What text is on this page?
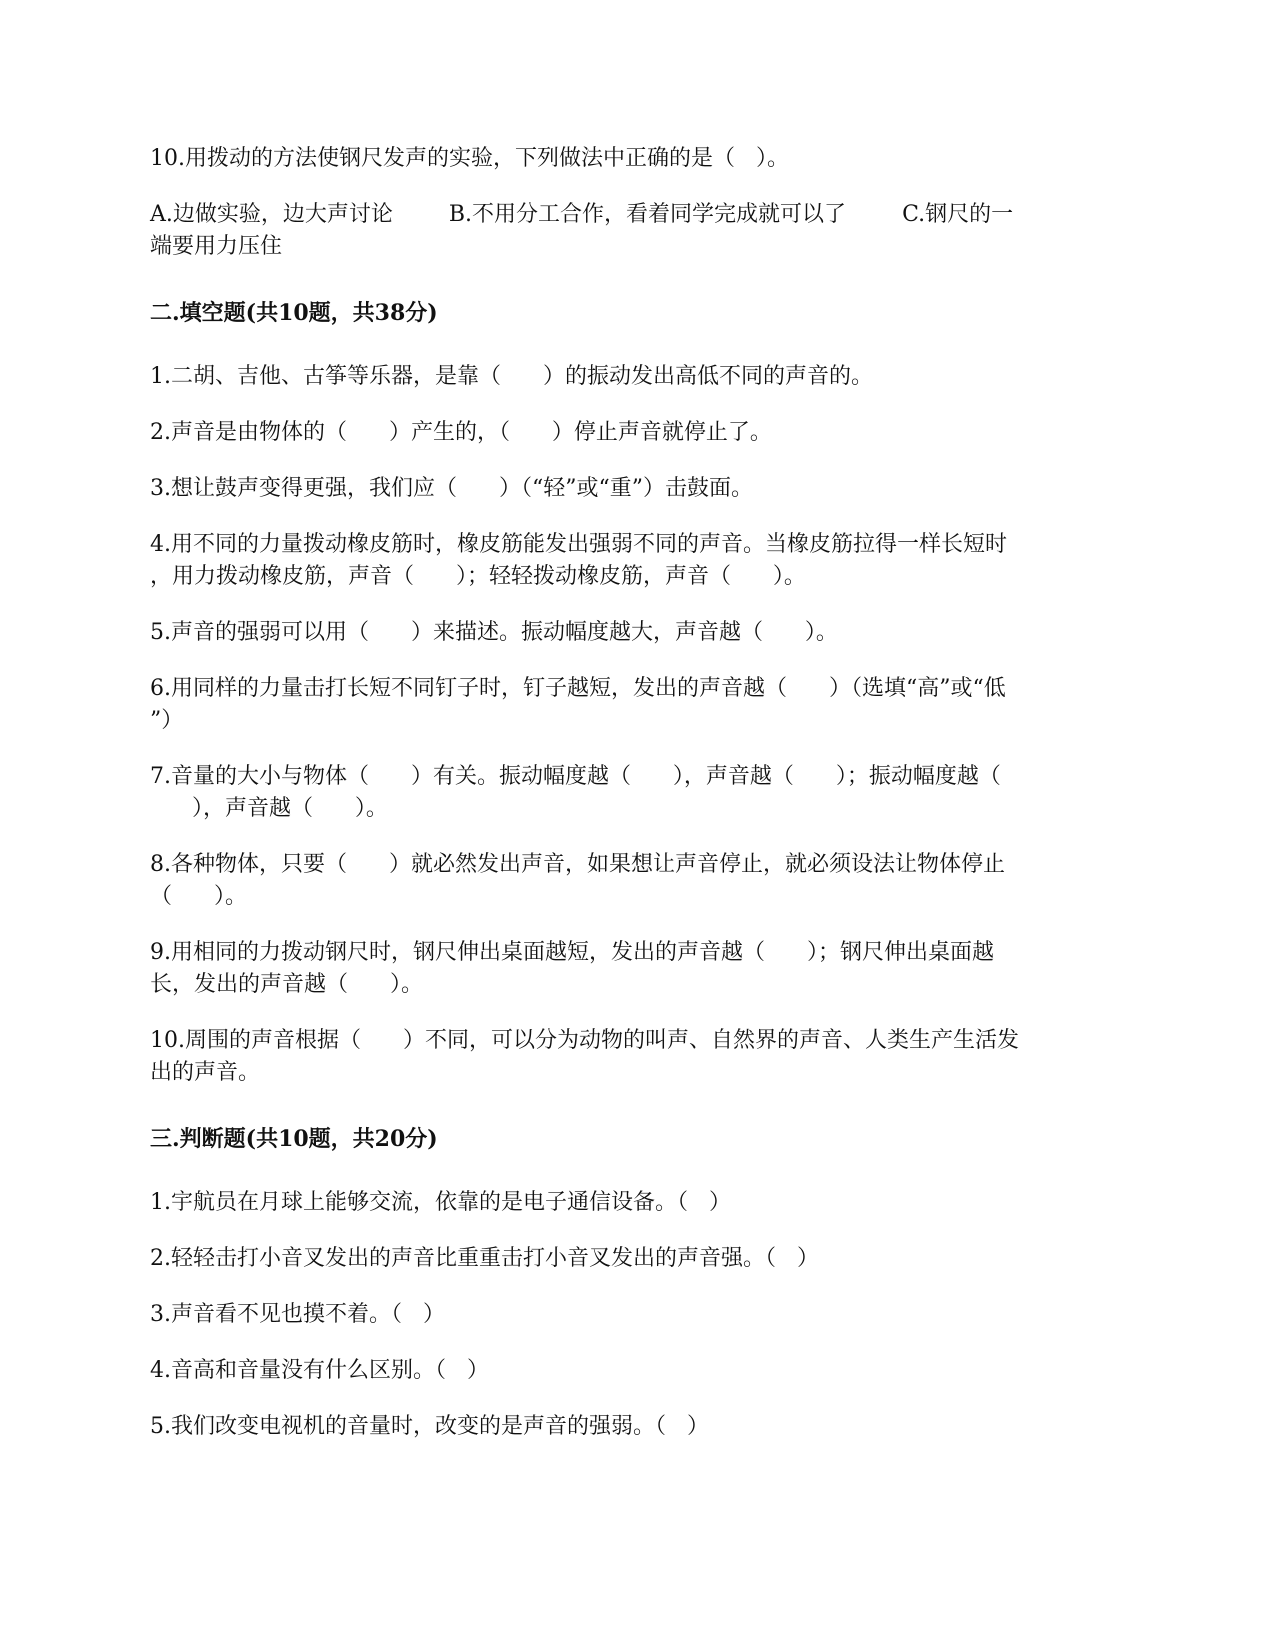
10.用拨动的方法使钢尺发声的实验，下列做法中正确的是（   ）。

A.边做实验，边大声讨论	B.不用分工合作，看着同学完成就可以了	C.钢尺的一

端要用力压住

二.填空题(共10题，共38分)

1.二胡、吉他、古筝等乐器，是靠（      ）的振动发出高低不同的声音的。

2.声音是由物体的（      ）产生的，（      ）停止声音就停止了。

3.想让鼓声变得更强，我们应（      ）（“轻”或“重”）击鼓面。

4.用不同的力量拨动橡皮筋时，橡皮筋能发出强弱不同的声音。当橡皮筋拉得一样长短时

，用力拨动橡皮筋，声音（      ）；轻轻拨动橡皮筋，声音（      ）。

5.声音的强弱可以用（      ）来描述。振动幅度越大，声音越（      ）。

6.用同样的力量击打长短不同钉子时，钉子越短，发出的声音越（      ）（选填“高”或“低

”）

7.音量的大小与物体（      ）有关。振动幅度越（      ），声音越（      ）；振动幅度越（

），声音越（      ）。

8.各种物体，只要（      ）就必然发出声音，如果想让声音停止，就必须设法让物体停止

（      ）。

9.用相同的力拨动钢尺时，钢尺伸出桌面越短，发出的声音越（      ）；钢尺伸出桌面越

长，发出的声音越（      ）。

10.周围的声音根据（      ）不同，可以分为动物的叫声、自然界的声音、人类生产生活发

出的声音。

三.判断题(共10题，共20分)

1.宇航员在月球上能够交流，依靠的是电子通信设备。（   ）

2.轻轻击打小音叉发出的声音比重重击打小音叉发出的声音强。（   ）

3.声音看不见也摸不着。（   ）

4.音高和音量没有什么区别。（   ）

5.我们改变电视机的音量时，改变的是声音的强弱。（   ）
